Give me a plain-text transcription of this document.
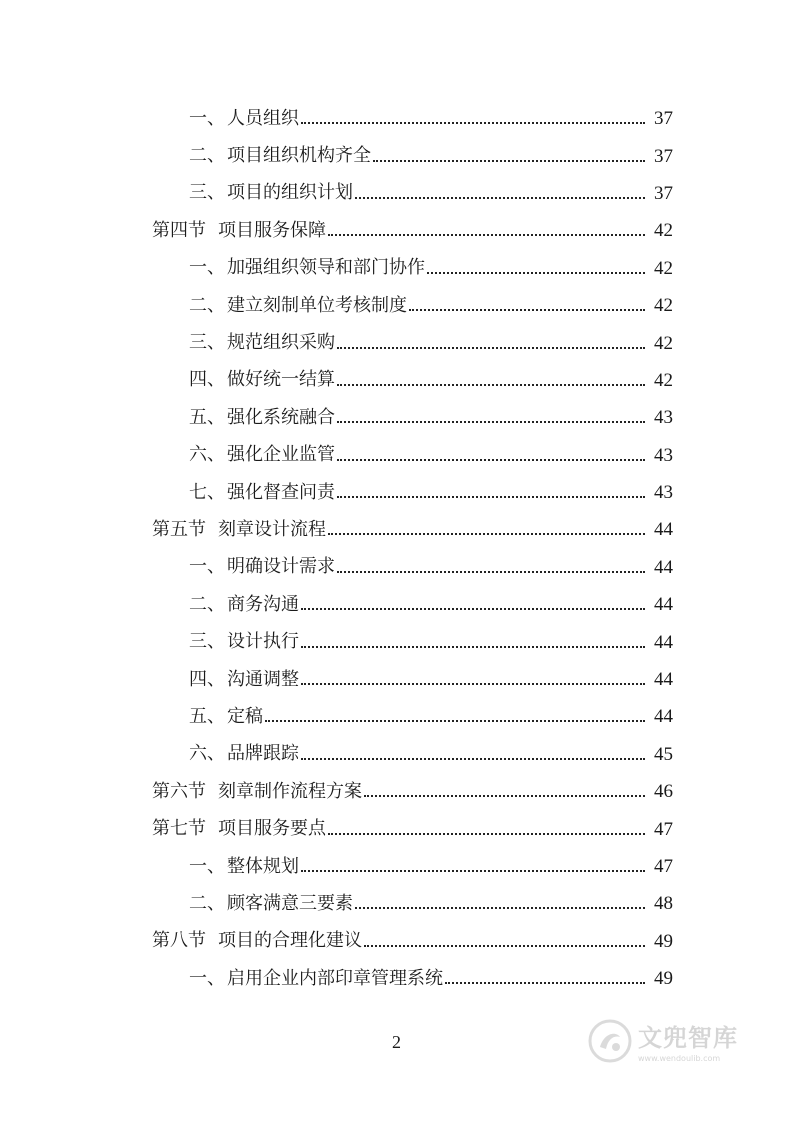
一、 人员组织	37
二、 项目组织机构齐全	37
三、 项目的组织计划	37
第四节 项目服务保障	42
一、 加强组织领导和部门协作	42
二、 建立刻制单位考核制度	42
三、 规范组织采购	42
四、 做好统一结算	42
五、 强化系统融合	43
六、 强化企业监管	43
七、 强化督查问责	43
第五节 刻章设计流程	44
一、 明确设计需求	44
二、 商务沟通	44
三、 设计执行	44
四、 沟通调整	44
五、 定稿	44
六、 品牌跟踪	45
第六节 刻章制作流程方案	46
第七节 项目服务要点	47
一、 整体规划	47
二、 顾客满意三要素	48
第八节 项目的合理化建议	49
一、 启用企业内部印章管理系统	49
2	文兜智库
www.wendoulib.com
